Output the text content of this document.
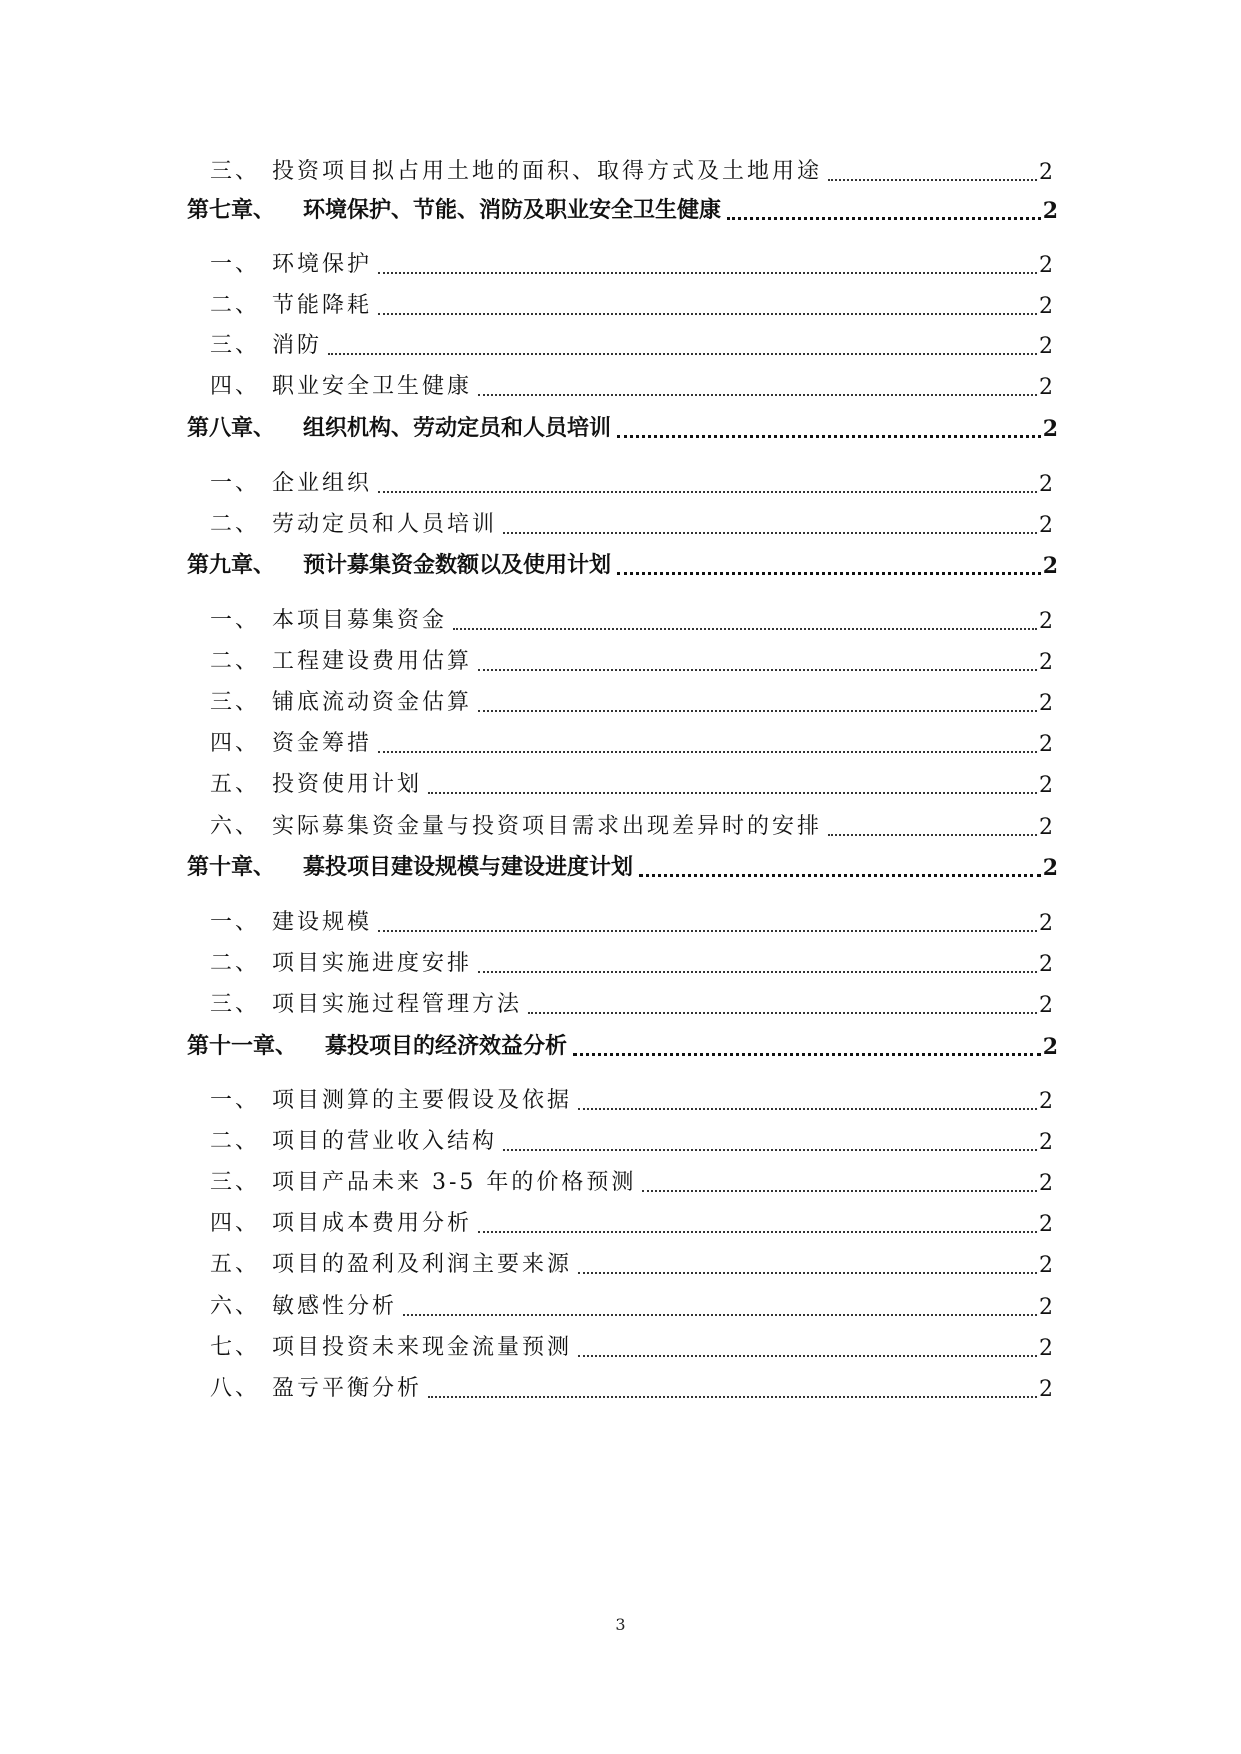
三、 投资项目拟占用土地的面积、取得方式及土地用途	2
第七章、 环境保护、节能、消防及职业安全卫生健康	2
一、 环境保护	2
二、 节能降耗	2
三、 消防	2
四、 职业安全卫生健康	2
第八章、 组织机构、劳动定员和人员培训	2
一、 企业组织	2
二、 劳动定员和人员培训	2
第九章、 预计募集资金数额以及使用计划	2
一、 本项目募集资金	2
二、 工程建设费用估算	2
三、 铺底流动资金估算	2
四、 资金筹措	2
五、 投资使用计划	2
六、 实际募集资金量与投资项目需求出现差异时的安排	2
第十章、 募投项目建设规模与建设进度计划	2
一、 建设规模	2
二、 项目实施进度安排	2
三、 项目实施过程管理方法	2
第十一章、 募投项目的经济效益分析	2
一、 项目测算的主要假设及依据	2
二、 项目的营业收入结构	2
三、 项目产品未来 3-5 年的价格预测	2
四、 项目成本费用分析	2
五、 项目的盈利及利润主要来源	2
六、 敏感性分析	2
七、 项目投资未来现金流量预测	2
八、 盈亏平衡分析	2
3
